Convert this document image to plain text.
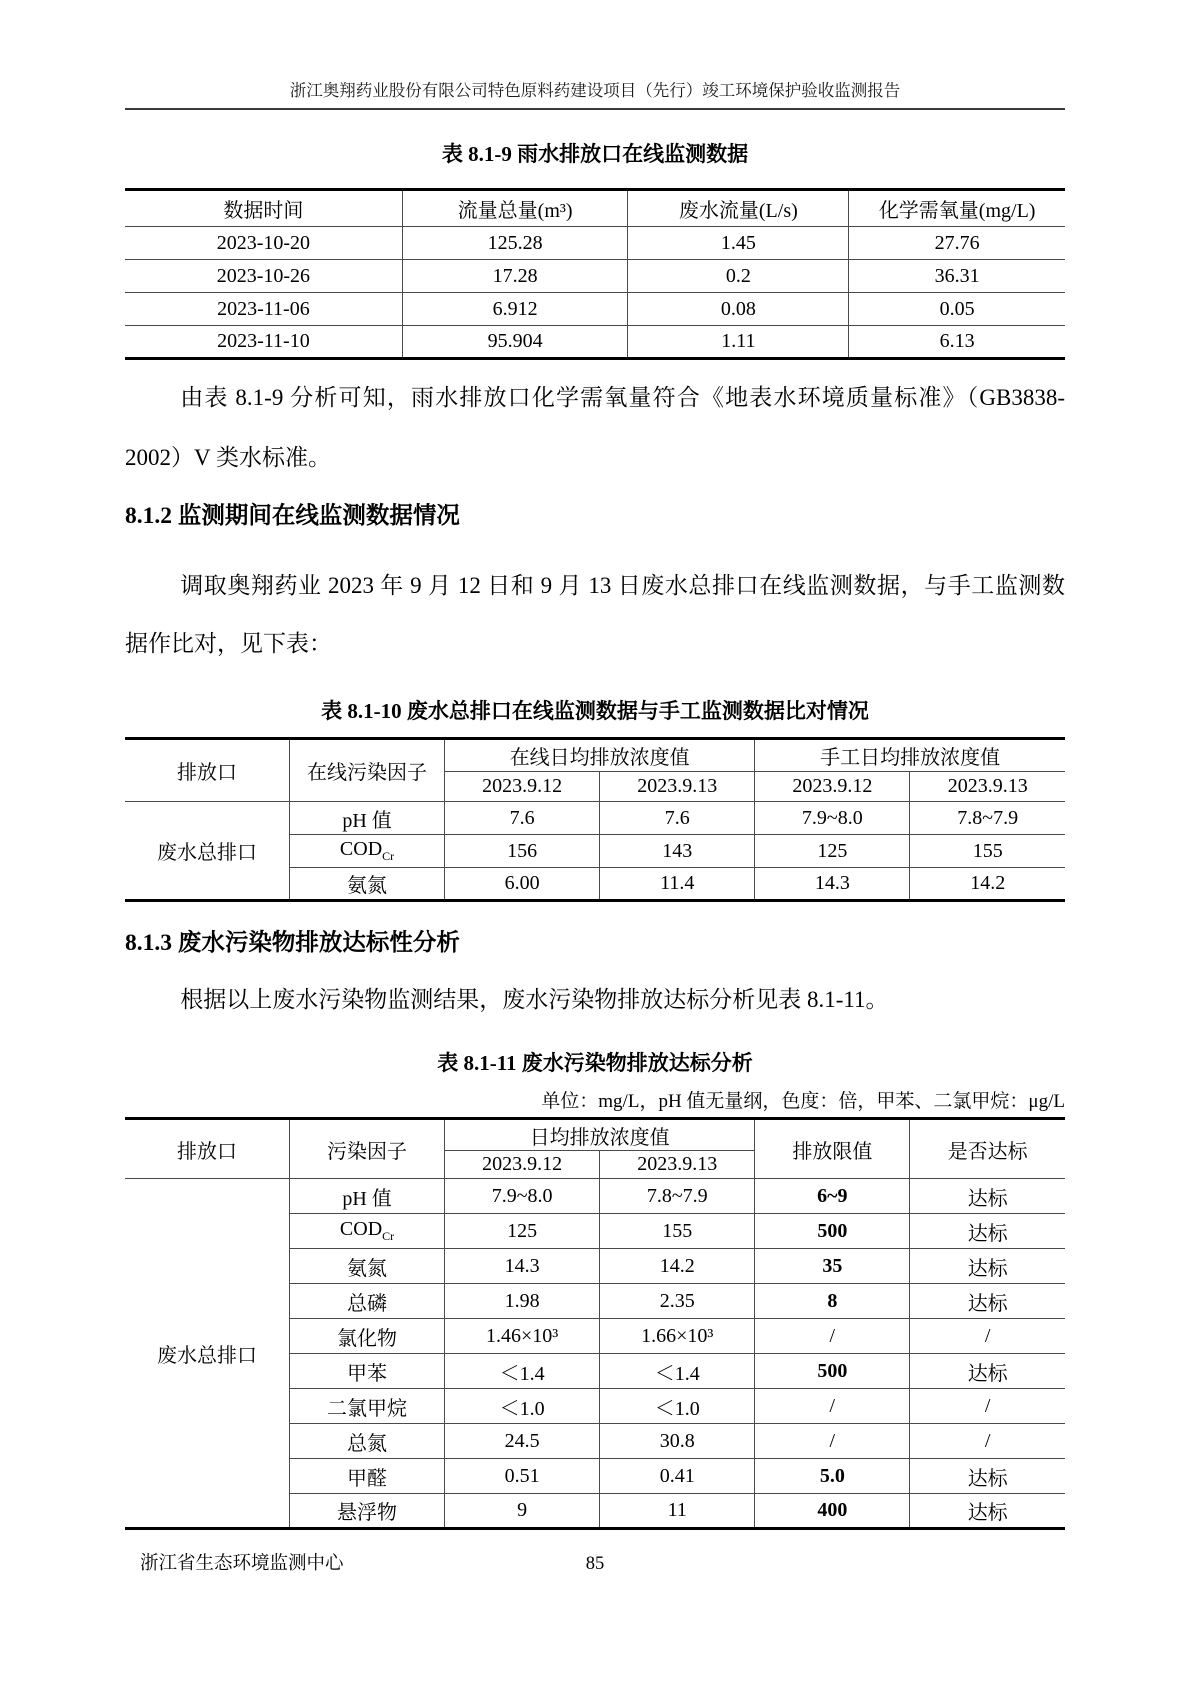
浙江奥翔药业股份有限公司特色原料药建设项目（先行）竣工环境保护验收监测报告
表 8.1-9 雨水排放口在线监测数据
数据时间	流量总量(m³)	废水流量(L/s)	化学需氧量(mg/L)
2023-10-20	125.28	1.45	27.76
2023-10-26	17.28	0.2	36.31
2023-11-06	6.912	0.08	0.05
2023-11-10	95.904	1.11	6.13

由表 8.1-9 分析可知，雨水排放口化学需氧量符合《地表水环境质量标准》（GB3838-2002）V 类水标准。

8.1.2 监测期间在线监测数据情况

调取奥翔药业 2023 年 9 月 12 日和 9 月 13 日废水总排口在线监测数据，与手工监测数据作比对，见下表：

表 8.1-10 废水总排口在线监测数据与手工监测数据比对情况
排放口	在线污染因子	在线日均排放浓度值		手工日均排放浓度值	
		2023.9.12	2023.9.13	2023.9.12	2023.9.13
废水总排口	pH 值	7.6	7.6	7.9~8.0	7.8~7.9
	$COD_{Cr}$	156	143	125	155
	氨氮	6.00	11.4	14.3	14.2
8.1.3 废水污染物排放达标性分析

根据以上废水污染物监测结果，废水污染物排放达标分析见表 8.1-11。

表 8.1-11 废水污染物排放达标分析
单位：mg/L，pH 值无量纲，色度：倍，甲苯、二氯甲烷：μg/L
排放口	污染因子	日均排放浓度值		排放限值	是否达标
		2023.9.12	2023.9.13		
废水总排口	pH 值	7.9~8.0	7.8~7.9	6~9	达标
	$COD_{Cr}$	125	155	500	达标
	氨氮	14.3	14.2	35	达标
	总磷	1.98	2.35	8	达标
	氯化物	1.46×10³	1.66×10³	/	/
	甲苯	＜1.4	＜1.4	500	达标
	二氯甲烷	＜1.0	＜1.0	/	/
	总氮	24.5	30.8	/	/
	甲醛	0.51	0.41	5.0	达标
	悬浮物	9	11	400	达标
浙江省生态环境监测中心	85
